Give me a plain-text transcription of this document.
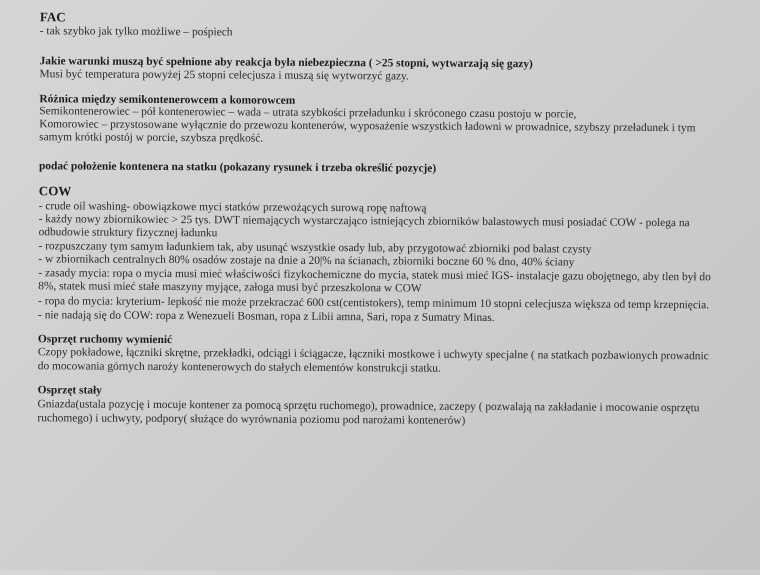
FAC
- tak szybko jak tylko możliwe – pośpiech
Jakie warunki muszą być spełnione aby reakcja była niebezpieczna ( >25 stopni, wytwarzają się gazy)
Musi być temperatura powyżej 25 stopni celecjusza i muszą się wytworzyć gazy.
Różnica między semikontenerowcem a komorowcem
Semikontenerowiec – pół kontenerowiec – wada – utrata szybkości przeładunku i skróconego czasu postoju w porcie,
Komorowiec – przystosowane wyłącznie do przewozu kontenerów, wyposażenie wszystkich ładowni w prowadnice, szybszy przeładunek i tym
samym krótki postój w porcie, szybsza prędkość.
podać położenie kontenera na statku (pokazany rysunek i trzeba określić pozycje)
COW
- crude oil washing- obowiązkowe myci statków przewożących surową ropę naftową
- każdy nowy zbiornikowiec > 25 tys. DWT niemających wystarczająco istniejących zbiorników balastowych musi posiadać COW - polega na
odbudowie struktury fizycznej ładunku
- rozpuszczany tym samym ładunkiem tak, aby usunąć wszystkie osady lub, aby przygotować zbiorniki pod balast czysty
- w zbiornikach centralnych 80% osadów zostaje na dnie a 20|% na ścianach, zbiorniki boczne 60 % dno, 40% ściany
- zasady mycia: ropa o mycia musi mieć właściwości fizykochemiczne do mycia, statek musi mieć IGS- instalacje gazu obojętnego, aby tlen był do
8%, statek musi mieć stałe maszyny myjące, załoga musi być przeszkolona w COW
- ropa do mycia: kryterium- lepkość nie może przekraczać 600 cst(centistokers), temp minimum 10 stopni celecjusza większa od temp krzepnięcia.
- nie nadają się do COW: ropa z Wenezueli Bosman, ropa z Libii amna, Sari, ropa z Sumatry Minas.
Osprzęt ruchomy wymienić
Czopy pokładowe, łączniki skrętne, przekładki, odciągi i ściągacze, łączniki mostkowe i uchwyty specjalne ( na statkach pozbawionych prowadnic
do mocowania górnych naroży kontenerowych do stałych elementów konstrukcji statku.
Osprzęt stały
Gniazda(ustala pozycję i mocuje kontener za pomocą sprzętu ruchomego), prowadnice, zaczepy ( pozwalają na zakładanie i mocowanie osprzętu
ruchomego) i uchwyty, podpory( służące do wyrównania poziomu pod narożami kontenerów)
